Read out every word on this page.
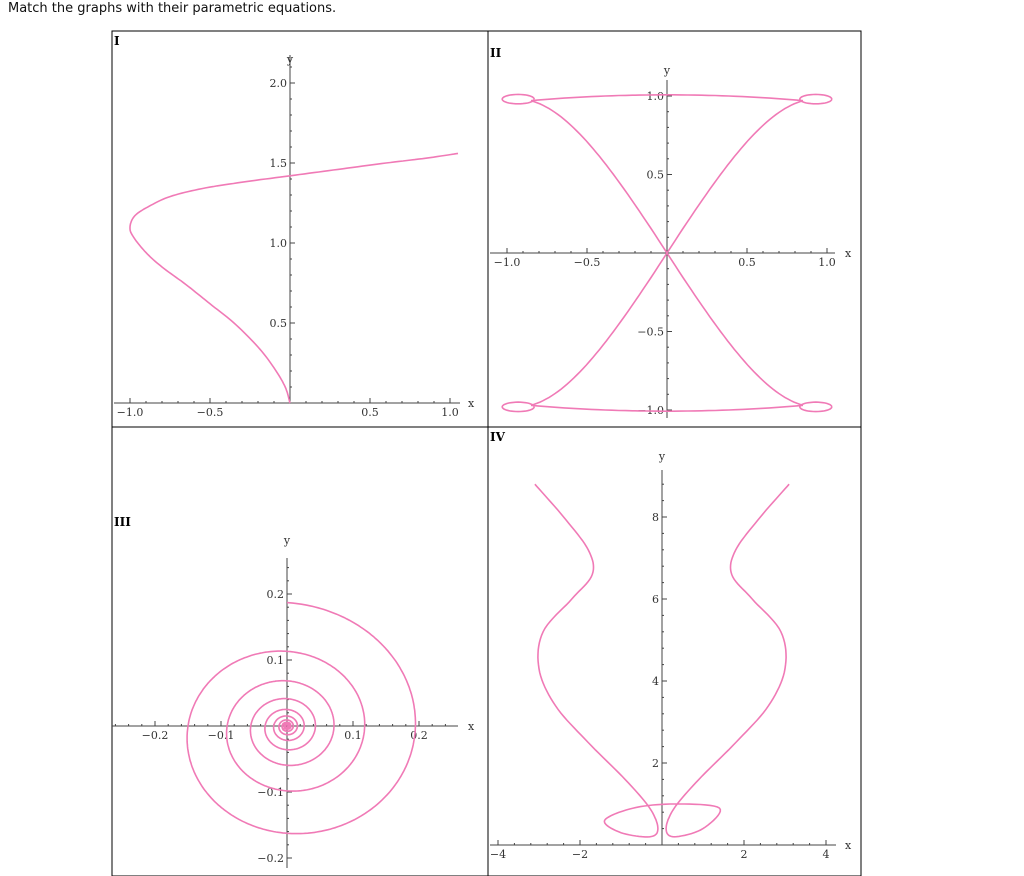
Match the graphs with their parametric equations.
I
II
III
IV
−1.0	−0.5	0.5	1.0
0.5
1.0
1.5
2.0
x
y
−1.0	−0.5	0.5	1.0
−1.0
−0.5
0.5
1.0
x
y
−0.2	−0.1	0.1	0.2
−0.2
−0.1
0.1
0.2
x
y
−4	−2	2	4
2
4
6
8
x
y
